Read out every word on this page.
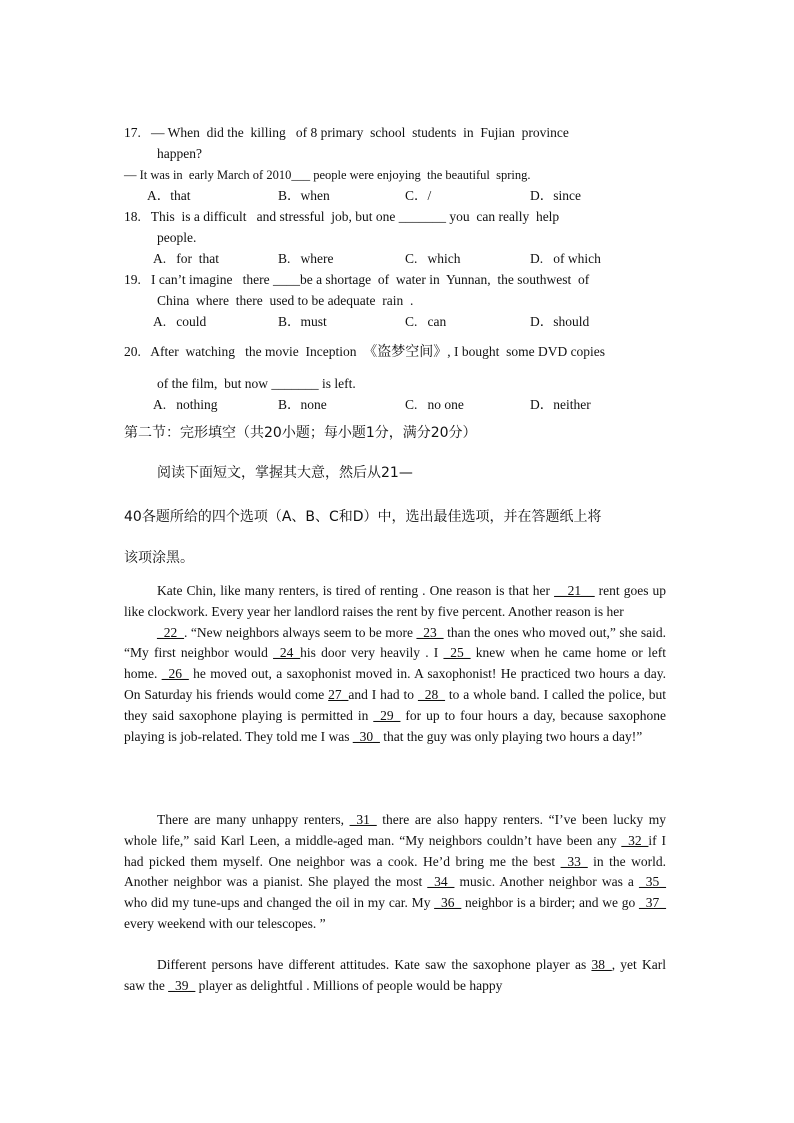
17.   — When  did the  killing   of 8 primary  school  students  in  Fujian  province
happen?
— It was in  early March of 2010___ people were enjoying  the beautiful  spring.
A．that	B．when	C．/	D．since
18.   This  is a difficult   and stressful  job, but one _______ you  can really  help
people.
A.   for  that	B.   where	C.   which	D.   of which
19.   I can’t imagine   there ____be a shortage  of  water in  Yunnan,  the southwest  of
China  where  there  used to be adequate  rain  .
A.   could	B．must	C.   can	D．should
20.   After  watching   the movie  Inception  《盗梦空间》, I bought  some DVD copies
of the film,  but now _______ is left.
A.   nothing	B．none	C.   no one	D．neither
第二节：完形填空（共20小题；每小题1分，满分20分）
阅读下面短文，掌握其大意，然后从21—
40各题所给的四个选项（A、B、C和D）中，选出最佳选项，并在答题纸上将
该项涂黑。

Kate Chin, like many renters, is tired of renting . One reason is that her __21__ rent goes up like clockwork. Every year her landlord raises the rent by five percent. Another reason is her

_22_. “New neighbors always seem to be more _23_ than the ones who moved out,” she said. “My first neighbor would _24_his door very heavily . I _25_ knew when he came home or left home. _26_ he moved out, a saxophonist moved in. A saxophonist! He practiced two hours a day. On Saturday his friends would come 27_and I had to _28_ to a whole band. I called the police, but they said saxophone playing is permitted in _29_ for up to four hours a day, because saxophone playing is job-related. They told me I was _30_ that the guy was only playing two hours a day!”

There are many unhappy renters, _31_ there are also happy renters. “I’ve been lucky my whole life,” said Karl Leen, a middle-aged man. “My neighbors couldn’t have been any _32_if I had picked them myself. One neighbor was a cook. He’d bring me the best _33_ in the world. Another neighbor was a pianist. She played the most _34_ music. Another neighbor was a _35_ who did my tune-ups and changed the oil in my car. My _36_ neighbor is a birder; and we go _37_ every weekend with our telescopes. ”

Different persons have different attitudes. Kate saw the saxophone player as 38_, yet Karl saw the _39_ player as delightful . Millions of people would be happy
